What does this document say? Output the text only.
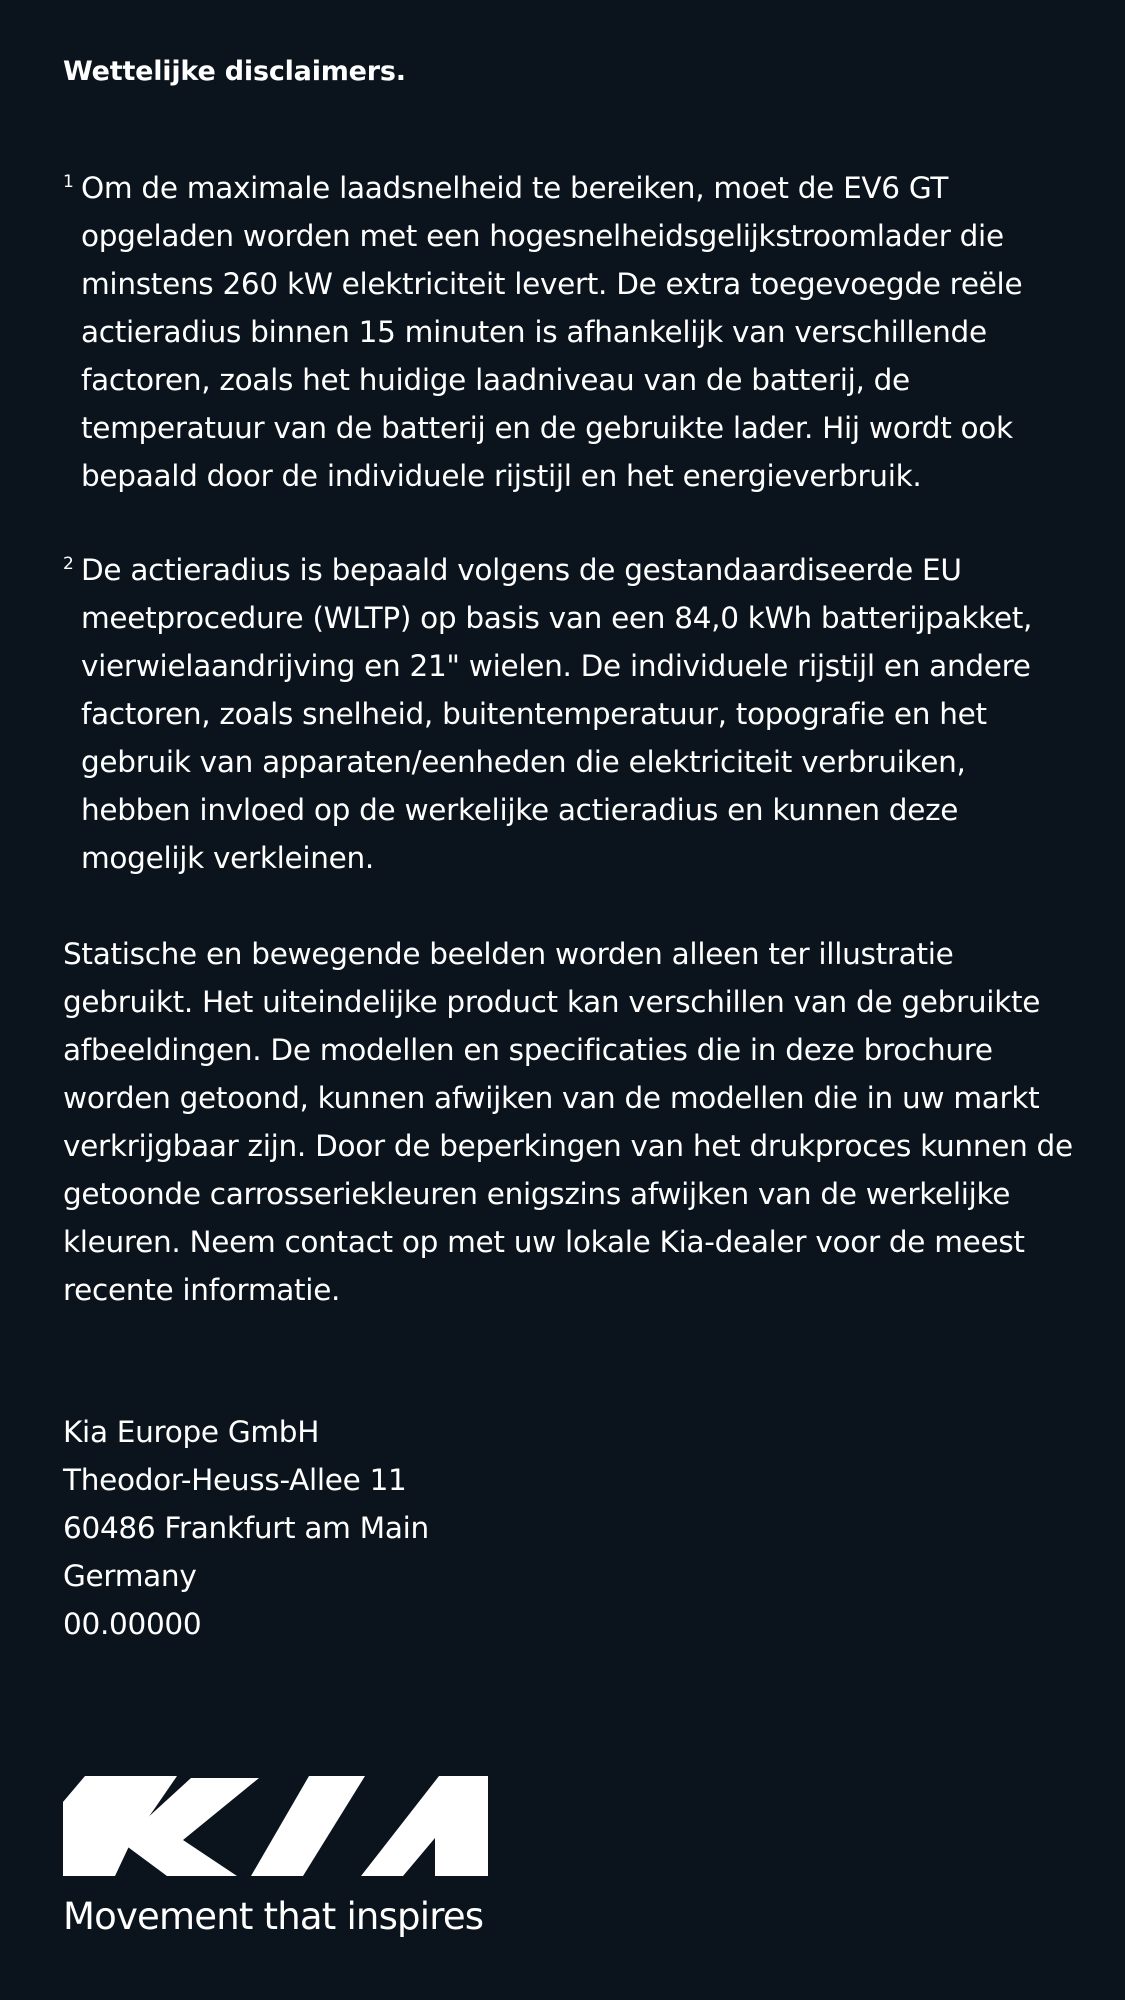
Wettelijke disclaimers.
1 Om de maximale laadsnelheid te bereiken, moet de EV6 GT opgeladen worden met een hogesnelheidsgelijkstroomlader die minstens 260 kW elektriciteit levert. De extra toegevoegde reële actieradius binnen 15 minuten is afhankelijk van verschillende factoren, zoals het huidige laadniveau van de batterij, de temperatuur van de batterij en de gebruikte lader. Hij wordt ook bepaald door de individuele rijstijl en het energieverbruik.
2 De actieradius is bepaald volgens de gestandaardiseerde EU meetprocedure (WLTP) op basis van een 84,0 kWh batterijpakket, vierwielaandrijving en 21" wielen. De individuele rijstijl en andere factoren, zoals snelheid, buitentemperatuur, topografie en het gebruik van apparaten/eenheden die elektriciteit verbruiken, hebben invloed op de werkelijke actieradius en kunnen deze mogelijk verkleinen.

Statische en bewegende beelden worden alleen ter illustratie gebruikt. Het uiteindelijke product kan verschillen van de gebruikte afbeeldingen. De modellen en specificaties die in deze brochure worden getoond, kunnen afwijken van de modellen die in uw markt verkrijgbaar zijn. Door de beperkingen van het drukproces kunnen de getoonde carrosseriekleuren enigszins afwijken van de werkelijke kleuren. Neem contact op met uw lokale Kia-dealer voor de meest recente informatie.

Kia Europe GmbH
Theodor-Heuss-Allee 11
60486 Frankfurt am Main
Germany
00.00000
Movement that inspires
